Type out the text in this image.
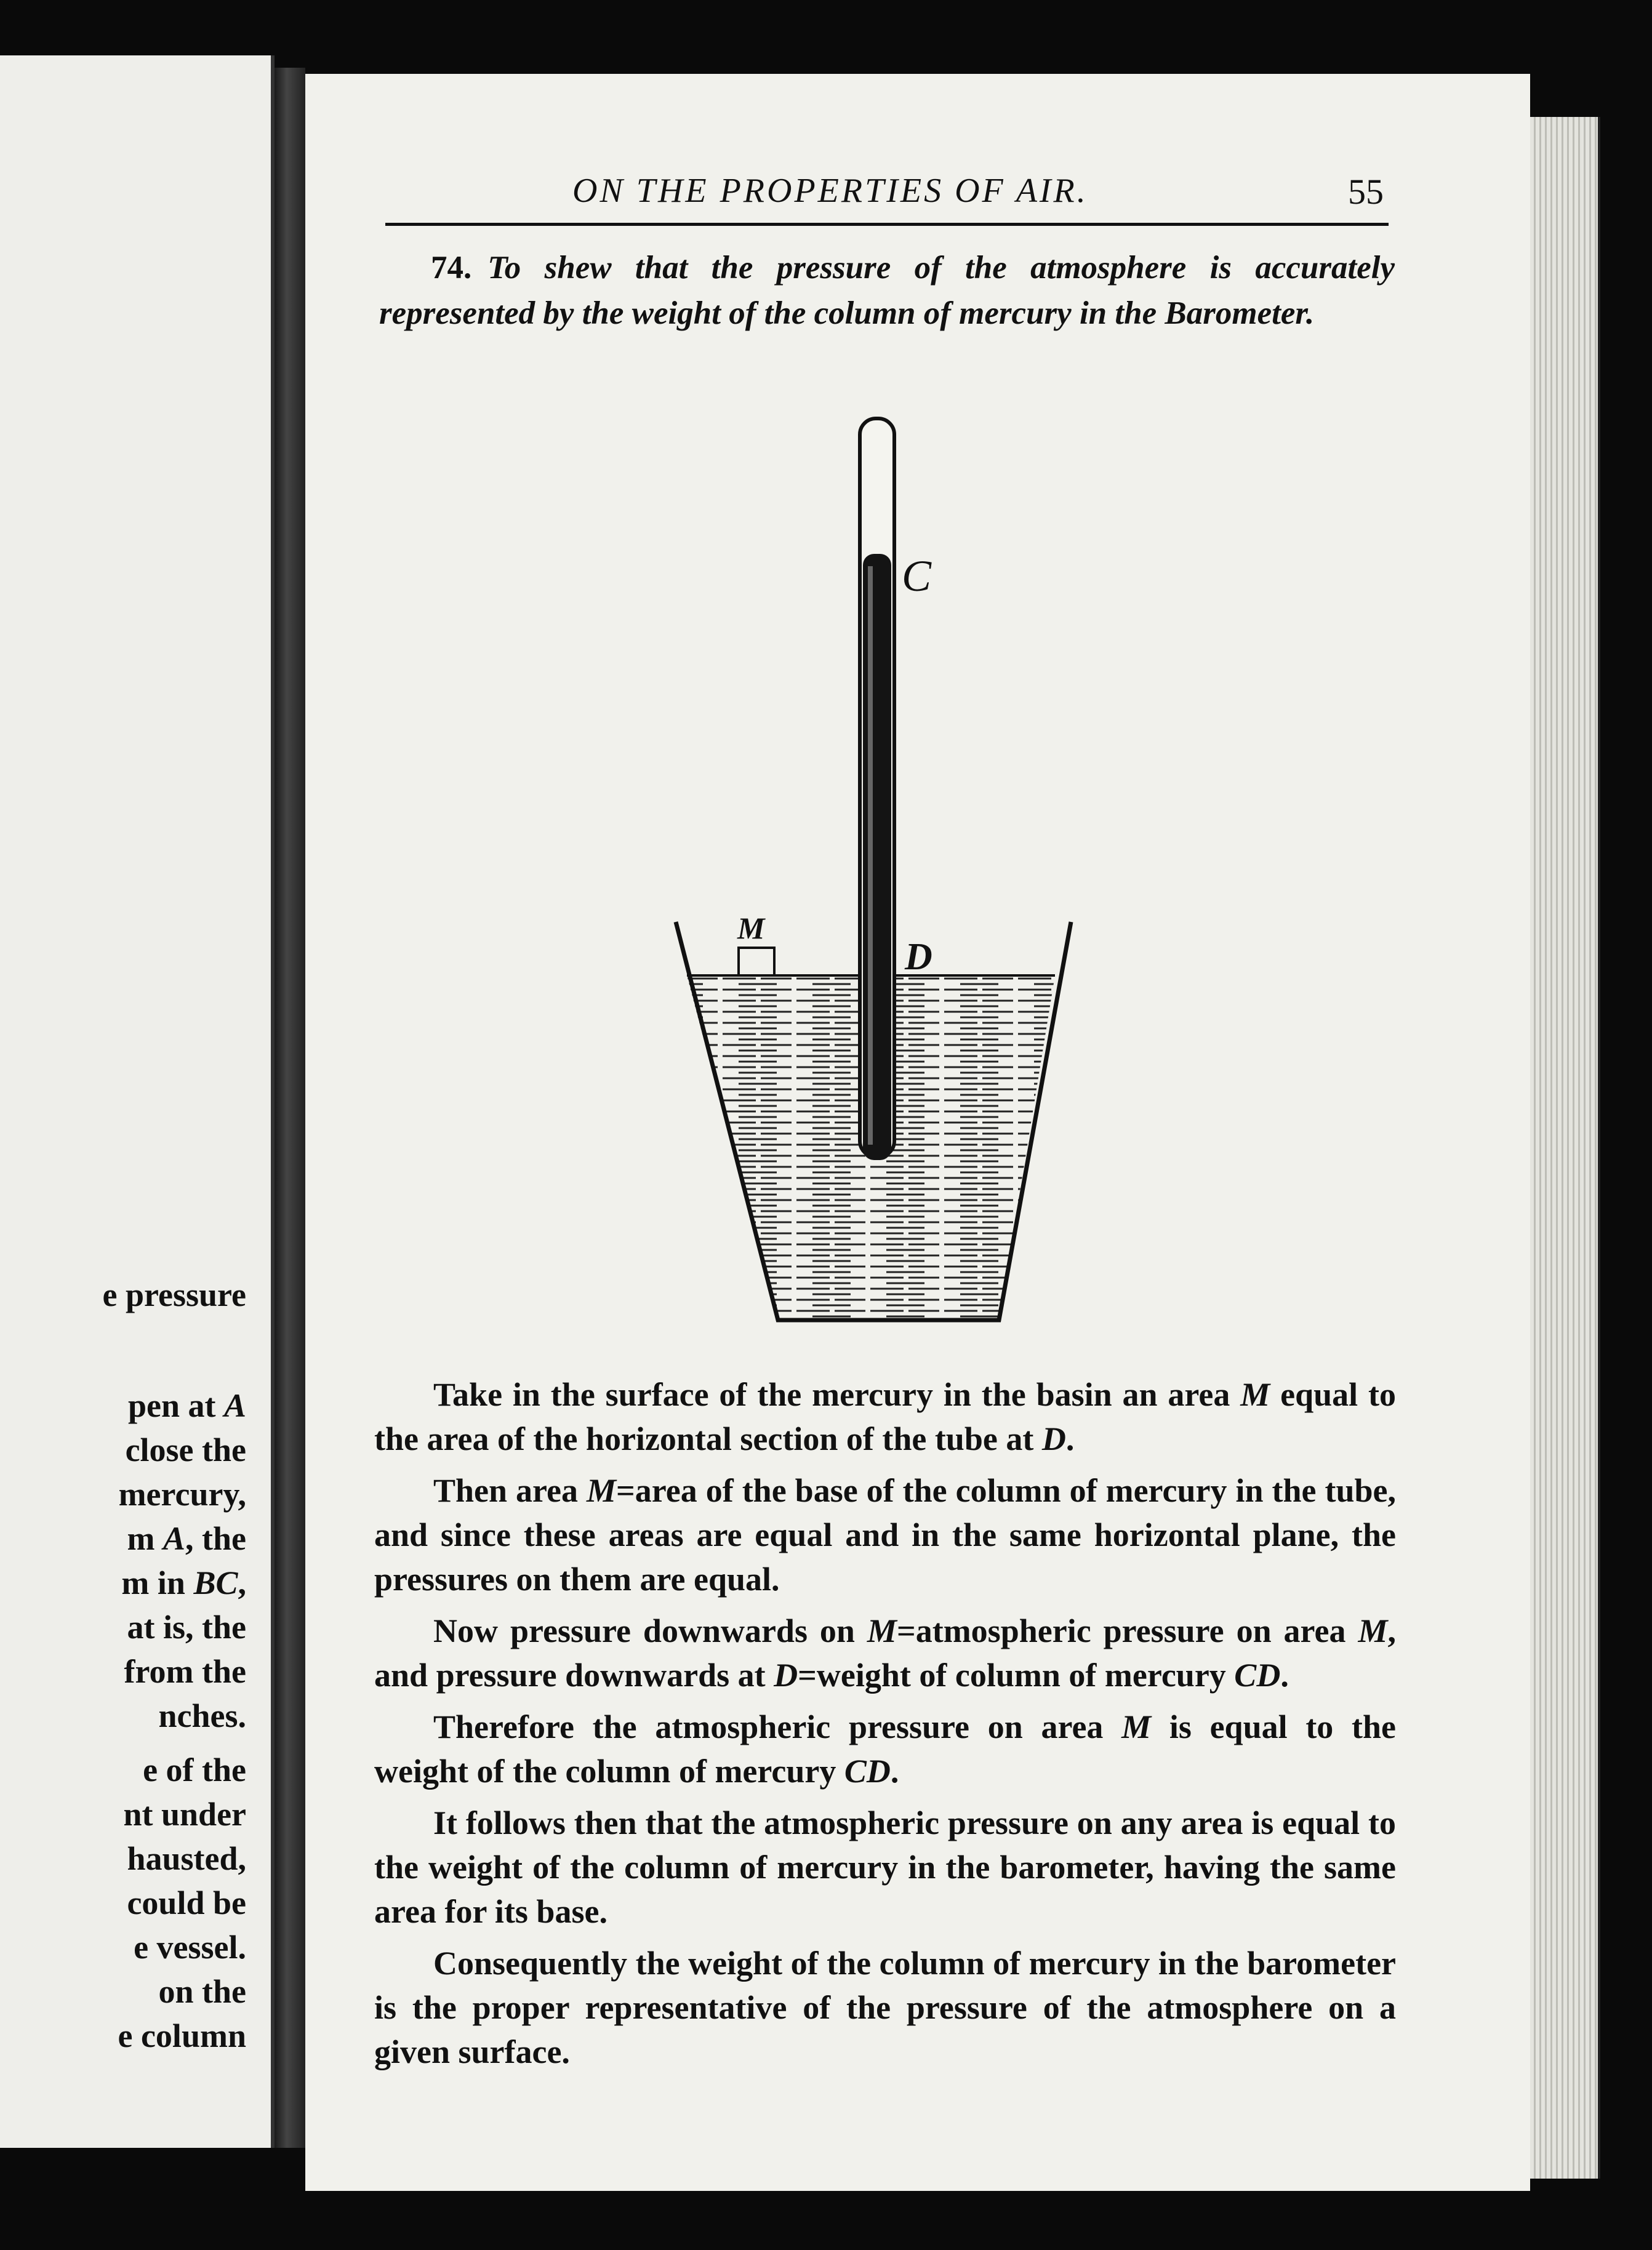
e pressure
pen at A
close the
mercury,
m A, the
m in BC,
at is, the
from the
nches.
e of the
nt under
hausted,
could be
e vessel.
on the
e column
ON THE PROPERTIES OF AIR.	55
74. To shew that the pressure of the atmosphere is accurately represented by the weight of the column of mercury in the Barometer.
C
M
D

Take in the surface of the mercury in the basin an area M equal to the area of the horizontal section of the tube at D.

Then area M=area of the base of the column of mercury in the tube, and since these areas are equal and in the same horizontal plane, the pressures on them are equal.

Now pressure downwards on M=atmospheric pressure on area M, and pressure downwards at D=weight of column of mercury CD.

Therefore the atmospheric pressure on area M is equal to the weight of the column of mercury CD.

It follows then that the atmospheric pressure on any area is equal to the weight of the column of mercury in the barometer, having the same area for its base.

Consequently the weight of the column of mercury in the barometer is the proper representative of the pressure of the atmosphere on a given surface.
